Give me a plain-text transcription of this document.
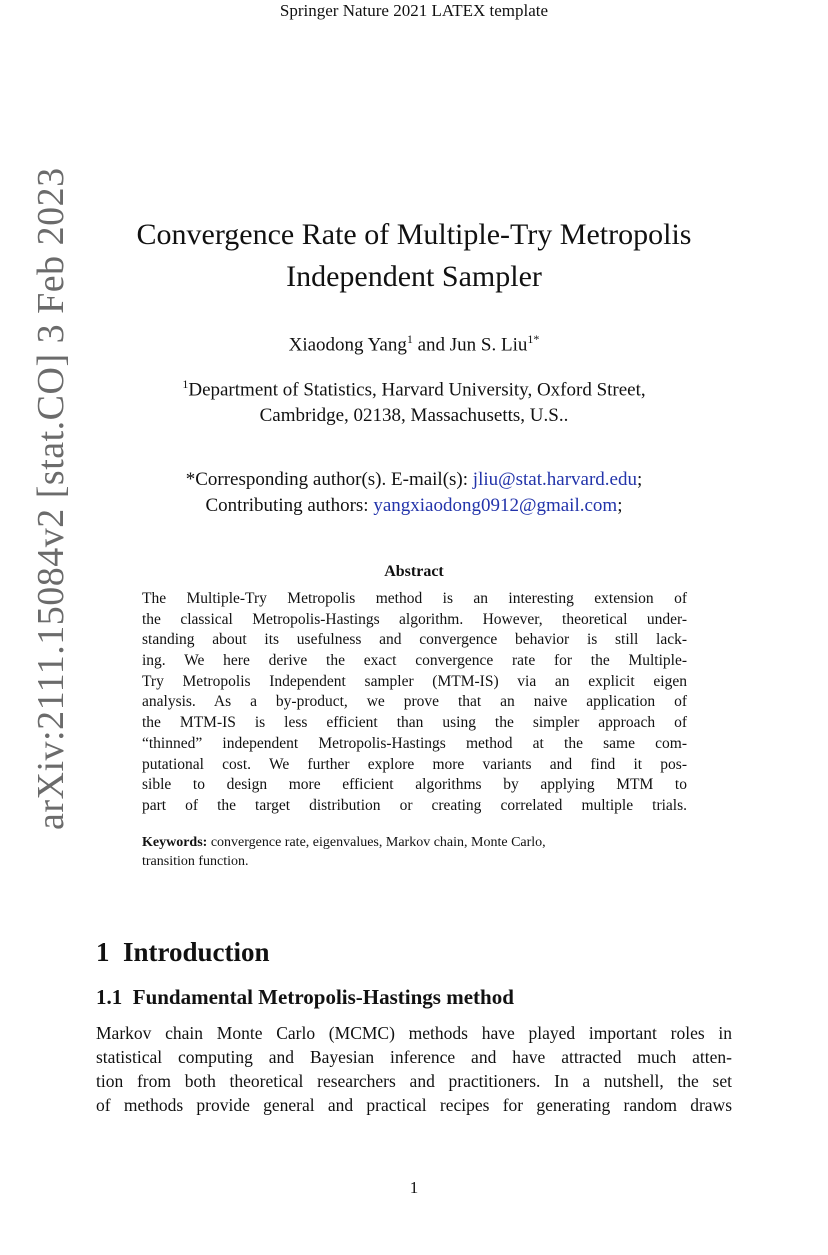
Springer Nature 2021 LATEX template
arXiv:2111.15084v2 [stat.CO] 3 Feb 2023	Convergence Rate of Multiple-Try Metropolis
Independent Sampler
Xiaodong Yang$^1$ and Jun S. Liu$^{1*}$
$^1$Department of Statistics, Harvard University, Oxford Street,
Cambridge, 02138, Massachusetts, U.S..
*Corresponding author(s). E-mail(s): jliu@stat.harvard.edu;
Contributing authors: yangxiaodong0912@gmail.com;
Abstract
The Multiple-Try Metropolis method is an interesting extension of
the classical Metropolis-Hastings algorithm. However, theoretical under-
standing about its usefulness and convergence behavior is still lack-
ing. We here derive the exact convergence rate for the Multiple-
Try Metropolis Independent sampler (MTM-IS) via an explicit eigen
analysis. As a by-product, we prove that an naive application of
the MTM-IS is less efficient than using the simpler approach of
“thinned” independent Metropolis-Hastings method at the same com-
putational cost. We further explore more variants and find it pos-
sible to design more efficient algorithms by applying MTM to
part of the target distribution or creating correlated multiple trials.
Keywords: convergence rate, eigenvalues, Markov chain, Monte Carlo,
transition function.
1 Introduction
1.1 Fundamental Metropolis-Hastings method
Markov chain Monte Carlo (MCMC) methods have played important roles in
statistical computing and Bayesian inference and have attracted much atten-
tion from both theoretical researchers and practitioners. In a nutshell, the set
of methods provide general and practical recipes for generating random draws
1
